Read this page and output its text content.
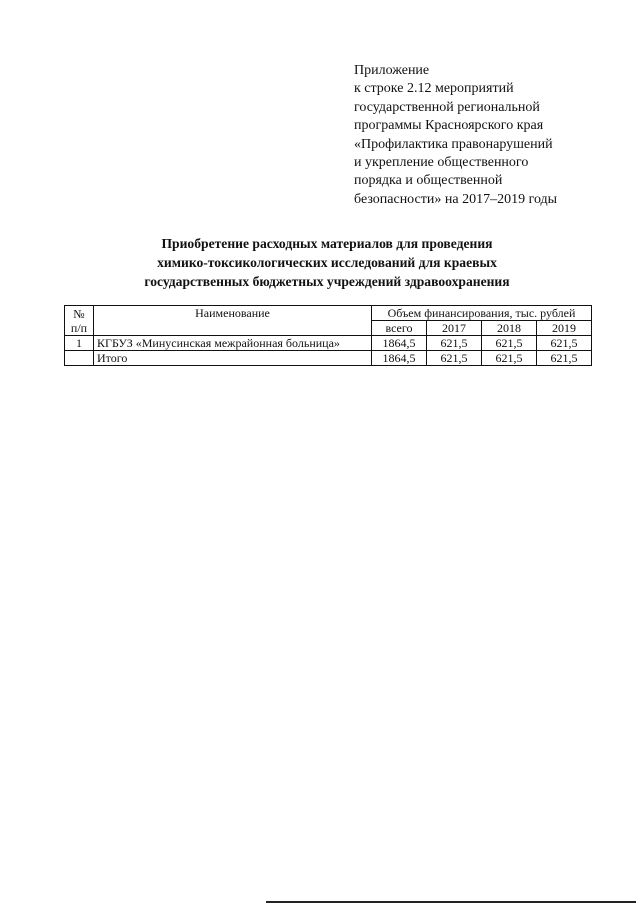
Приложение
к строке 2.12 мероприятий
государственной региональной
программы Красноярского края
«Профилактика правонарушений
и укрепление общественного
порядка и общественной
безопасности» на 2017–2019 годы
Приобретение расходных материалов для проведения
химико-токсикологических исследований для краевых
государственных бюджетных учреждений здравоохранения
№
п/п	Наименование	Объем финансирования, тыс. рублей			
		всего	2017	2018	2019
1	КГБУЗ «Минусинская межрайонная больница»	1864,5	621,5	621,5	621,5
	Итого	1864,5	621,5	621,5	621,5
